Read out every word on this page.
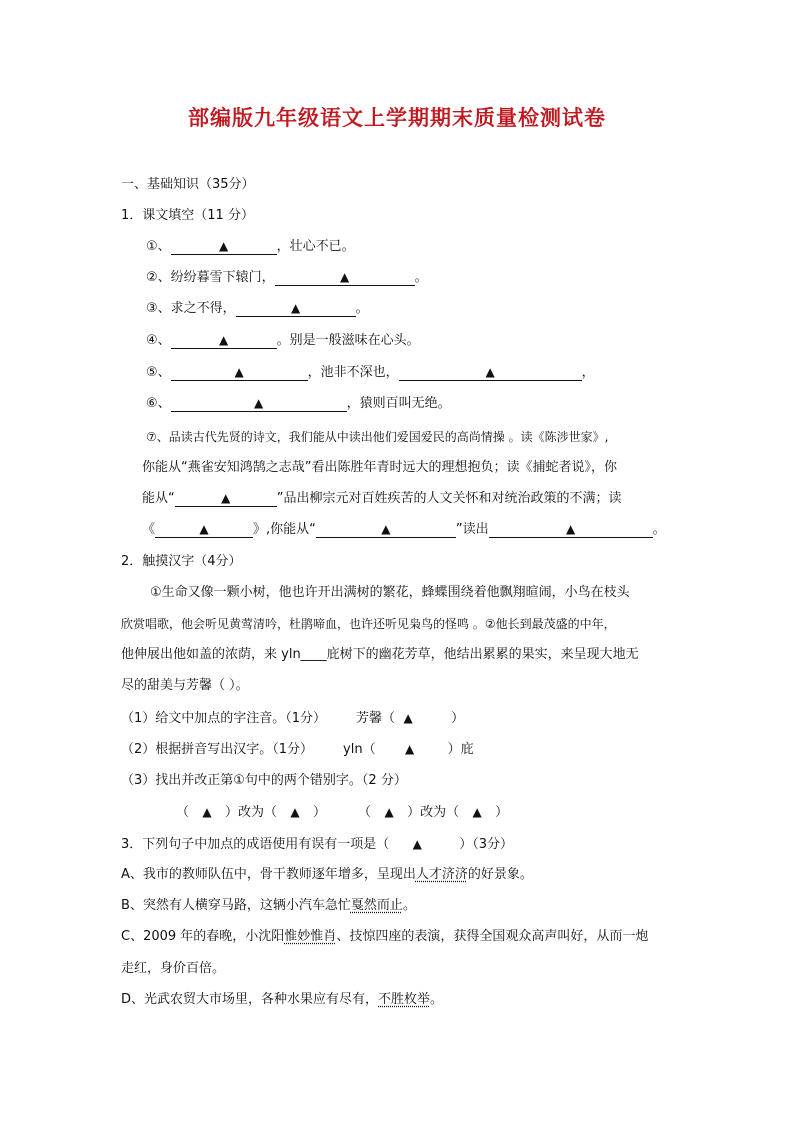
部编版九年级语文上学期期末质量检测试卷
一、基础知识（35分）
1．课文填空（11 分）
①、	▲	，壮心不已。
②、纷纷暮雪下辕门，	▲	。
③、求之不得，	▲	。
④、	▲	。别是一般滋味在心头。
⑤、	▲	，池非不深也，	▲	，
⑥、	▲	，猿则百叫无绝。
⑦、品读古代先贤的诗文，我们能从中读出他们爱国爱民的高尚情操 。读《陈涉世家》,
你能从“燕雀安知鸿鹄之志哉”看出陈胜年青时远大的理想抱负；读《捕蛇者说》，你
能从“	▲	”品出柳宗元对百姓疾苦的人文关怀和对统治政策的不满；读
《	▲	》,你能从“	▲	”读出	▲	。
2．触摸汉字（4分）
①生命又像一颗小树，他也许开出满树的繁花，蜂蝶围绕着他飘翔暄闹，小鸟在枝头
欣赏唱歌，他会听见黄莺清吟，杜鹃啼血，也许还听见枭鸟的怪鸣 。②他长到最茂盛的中年，
他伸展出他如盖的浓荫，来 yln____庇树下的幽花芳草，他结出累累的果实，来呈现大地无
尽的甜美与芳馨（ ）。
（1）给文中加点的字注音。（1分） 芳馨（ ▲	）
（2）根据拼音写出汉字。（1分） yln（ ▲	）庇
（3）找出并改正第①句中的两个错别字。（2 分）
（ ▲ ）改为（ ▲ ） （ ▲ ）改为（ ▲ ）
3．下列句子中加点的成语使用有误有一项是（ ▲	）（3分）
A、我市的教师队伍中，骨干教师逐年增多，呈现出人才济济的好景象。
B、突然有人横穿马路，这辆小汽车急忙戛然而止。
C、2009 年的春晚，小沈阳惟妙惟肖、技惊四座的表演，获得全国观众高声叫好，从而一炮
走红，身价百倍。
D、光武农贸大市场里，各种水果应有尽有，不胜枚举。
